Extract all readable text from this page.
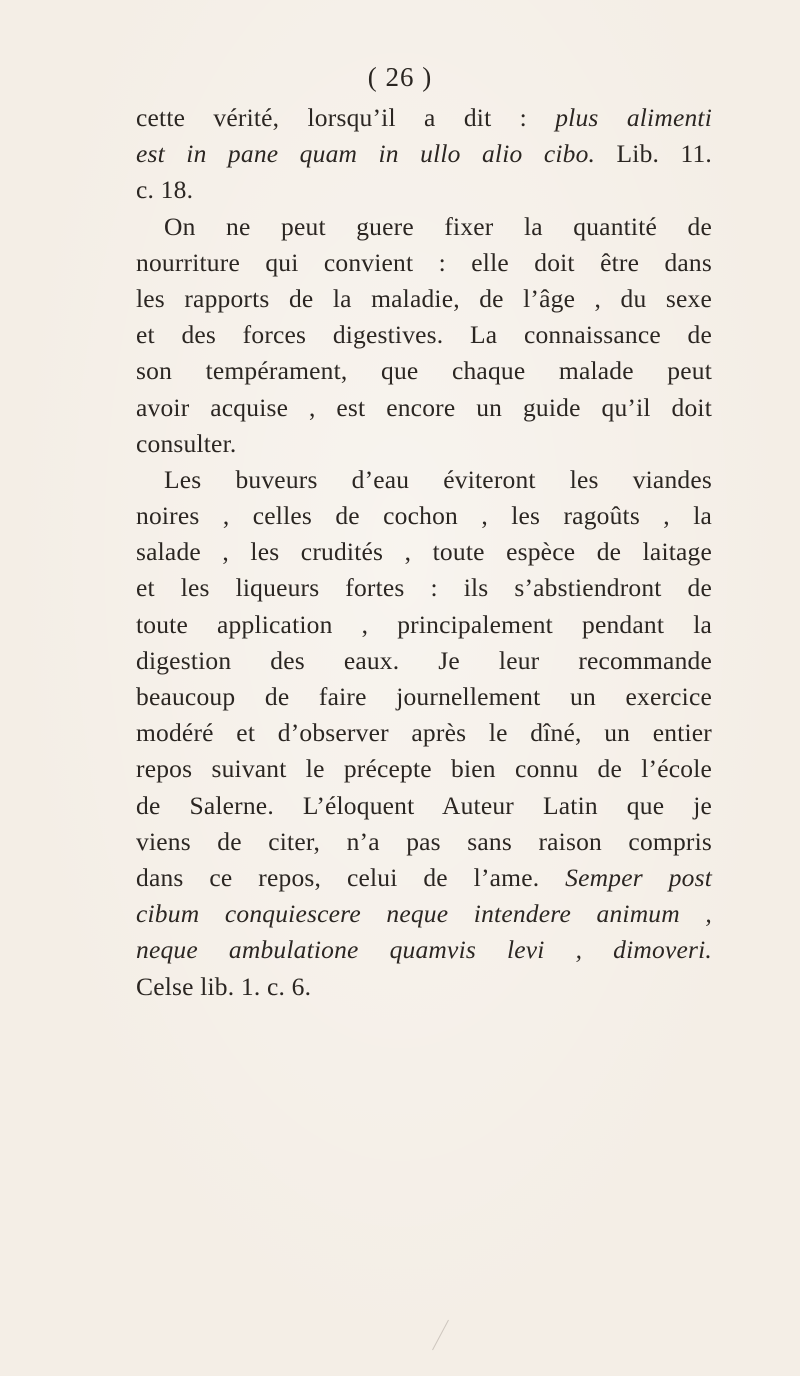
( 26 )
cette vérité, lorsqu’il a dit : plus alimenti
est in pane quam in ullo alio cibo. Lib. 11.
c. 18.
On ne peut guere fixer la quantité de
nourriture qui convient : elle doit être dans
les rapports de la maladie, de l’âge , du sexe
et des forces digestives. La connaissance de
son tempérament, que chaque malade peut
avoir acquise , est encore un guide qu’il doit
consulter.
Les buveurs d’eau éviteront les viandes
noires , celles de cochon , les ragoûts , la
salade , les crudités , toute espèce de laitage
et les liqueurs fortes : ils s’abstiendront de
toute application , principalement pendant la
digestion des eaux. Je leur recommande
beaucoup de faire journellement un exercice
modéré et d’observer après le dîné, un entier
repos suivant le précepte bien connu de l’école
de Salerne. L’éloquent Auteur Latin que je
viens de citer, n’a pas sans raison compris
dans ce repos, celui de l’ame. Semper post
cibum conquiescere neque intendere animum ,
neque ambulatione quamvis levi , dimoveri.
Celse lib. 1. c. 6.
